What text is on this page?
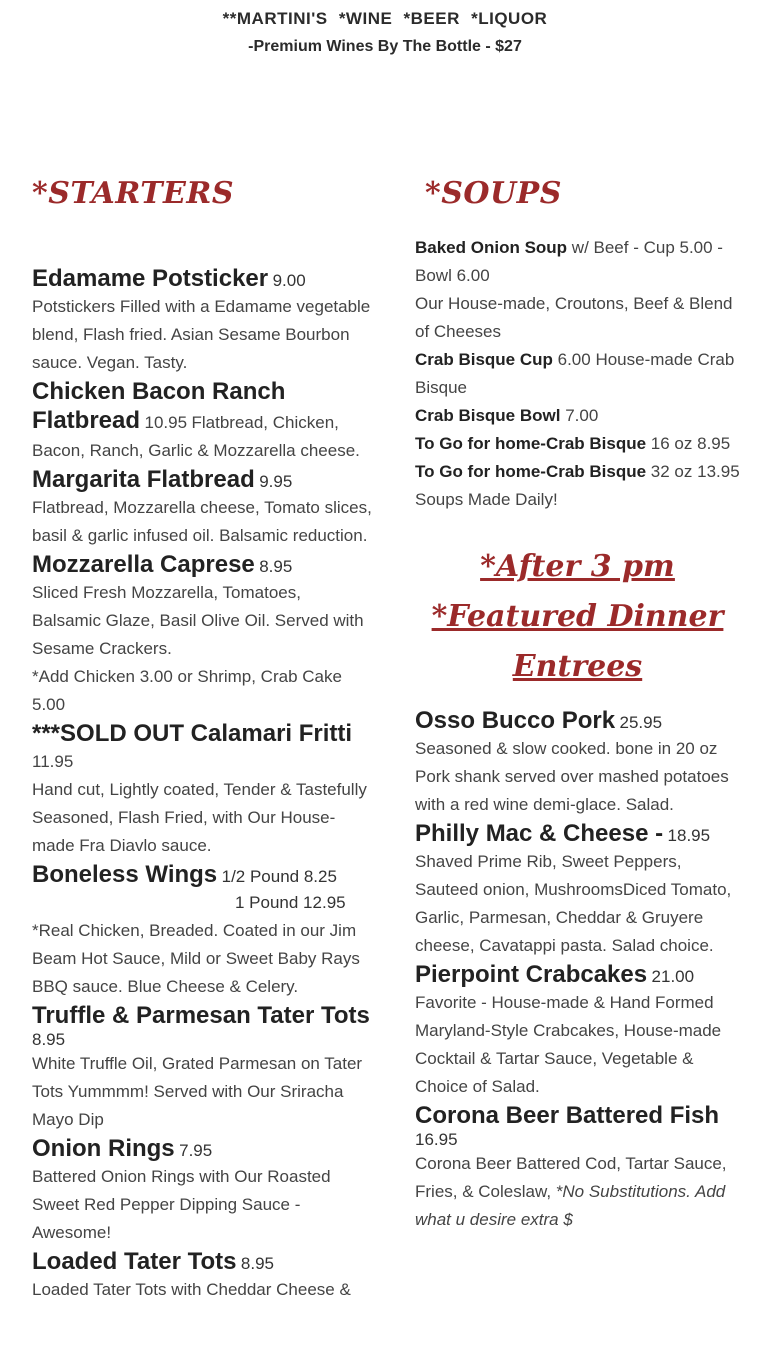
**MARTINI'S *WINE *BEER *LIQUOR
-Premium Wines By The Bottle - $27
*STARTERS
Edamame Potsticker 9.00
Potstickers Filled with a Edamame vegetable blend, Flash fried. Asian Sesame Bourbon sauce. Vegan. Tasty.
Chicken Bacon Ranch Flatbread 10.95 Flatbread, Chicken, Bacon, Ranch, Garlic & Mozzarella cheese.
Margarita Flatbread 9.95
Flatbread, Mozzarella cheese, Tomato slices, basil & garlic infused oil. Balsamic reduction.
Mozzarella Caprese 8.95
Sliced Fresh Mozzarella, Tomatoes, Balsamic Glaze, Basil Olive Oil. Served with Sesame Crackers.
*Add Chicken 3.00 or Shrimp, Crab Cake 5.00
***SOLD OUT Calamari Fritti
11.95
Hand cut, Lightly coated, Tender & Tastefully Seasoned, Flash Fried, with Our House-made Fra Diavlo sauce.
Boneless Wings 1/2 Pound 8.25
1 Pound 12.95
*Real Chicken, Breaded. Coated in our Jim Beam Hot Sauce, Mild or Sweet Baby Rays BBQ sauce. Blue Cheese & Celery.
Truffle & Parmesan Tater Tots 8.95
White Truffle Oil, Grated Parmesan on Tater Tots Yummmm! Served with Our Sriracha Mayo Dip
Onion Rings 7.95
Battered Onion Rings with Our Roasted Sweet Red Pepper Dipping Sauce - Awesome!
Loaded Tater Tots 8.95
Loaded Tater Tots with Cheddar Cheese &
*SOUPS
Baked Onion Soup w/ Beef - Cup 5.00 - Bowl 6.00
Our House-made, Croutons, Beef & Blend of Cheeses
Crab Bisque Cup 6.00 House-made Crab Bisque
Crab Bisque Bowl 7.00
To Go for home-Crab Bisque 16 oz 8.95
To Go for home-Crab Bisque 32 oz 13.95
Soups Made Daily!
*After 3 pm
*Featured Dinner
Entrees
Osso Bucco Pork 25.95
Seasoned & slow cooked. bone in 20 oz Pork shank served over mashed potatoes with a red wine demi-glace. Salad.
Philly Mac & Cheese - 18.95
Shaved Prime Rib, Sweet Peppers, Sauteed onion, MushroomsDiced Tomato, Garlic, Parmesan, Cheddar & Gruyere cheese, Cavatappi pasta. Salad choice.
Pierpoint Crabcakes 21.00
Favorite - House-made & Hand Formed Maryland-Style Crabcakes, House-made Cocktail & Tartar Sauce, Vegetable & Choice of Salad.
Corona Beer Battered Fish 16.95
Corona Beer Battered Cod, Tartar Sauce, Fries, & Coleslaw, *No Substitutions. Add what u desire extra $
